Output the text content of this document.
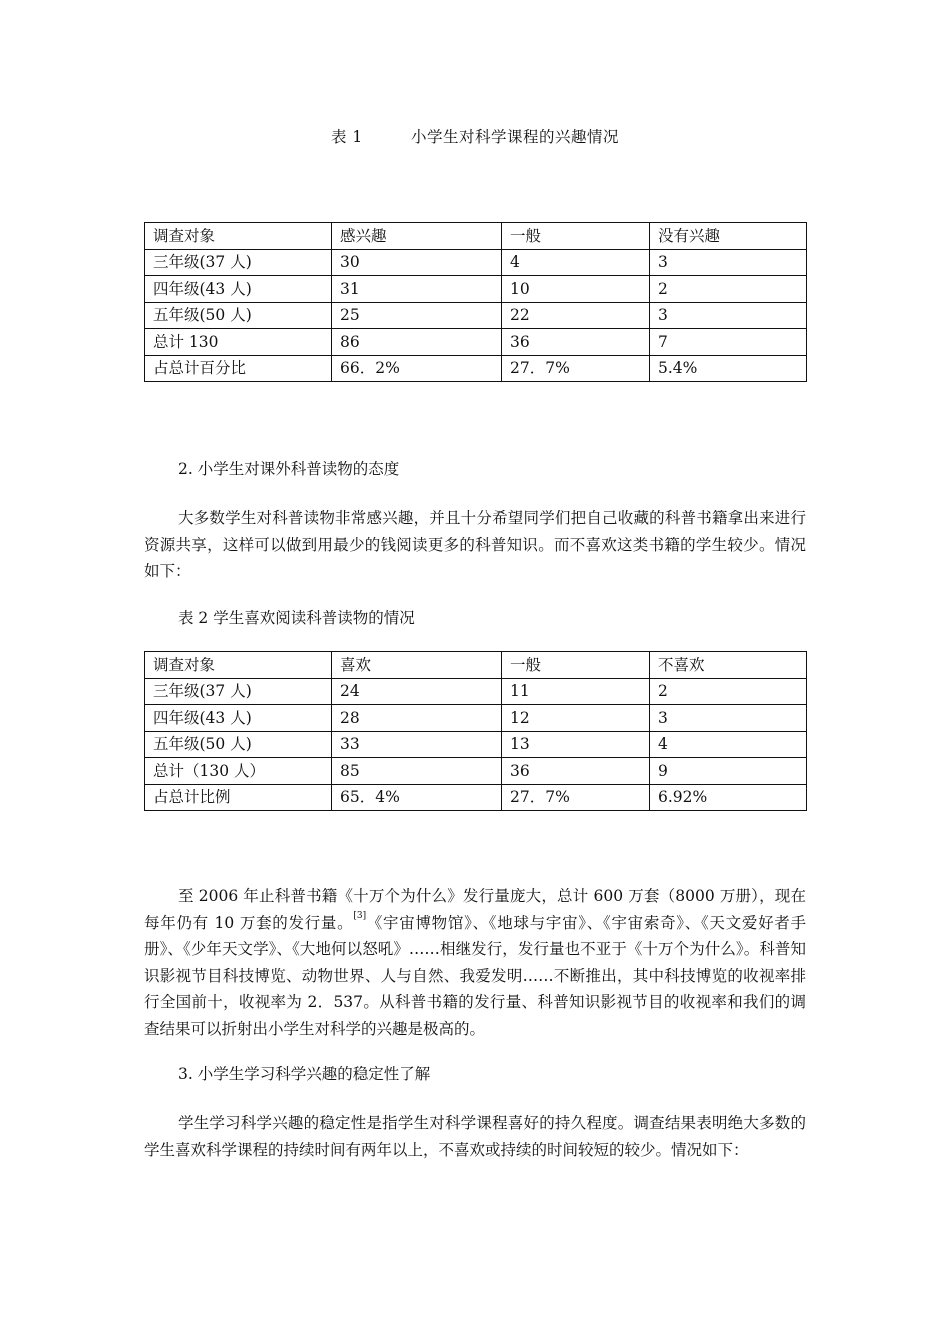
表 1	小学生对科学课程的兴趣情况
调查对象	感兴趣	一般	没有兴趣
三年级(37 人)	30	4	3
四年级(43 人)	31	10	2
五年级(50 人)	25	22	3
总计 130	86	36	7
占总计百分比	66．2%	27．7%	5.4%
2. 小学生对课外科普读物的态度
大多数学生对科普读物非常感兴趣，并且十分希望同学们把自己收藏的科普书籍拿出来进行资源共享，这样可以做到用最少的钱阅读更多的科普知识。而不喜欢这类书籍的学生较少。情况如下：
表 2 学生喜欢阅读科普读物的情况
调查对象	喜欢	一般	不喜欢
三年级(37 人)	24	11	2
四年级(43 人)	28	12	3
五年级(50 人)	33	13	4
总计（130 人）	85	36	9
占总计比例	65．4%	27．7%	6.92%
至 2006 年止科普书籍《十万个为什么》发行量庞大，总计 600 万套（8000 万册），现在每年仍有 10 万套的发行量。[3]《宇宙博物馆》、《地球与宇宙》、《宇宙索奇》、《天文爱好者手册》、《少年天文学》、《大地何以怒吼》……相继发行，发行量也不亚于《十万个为什么》。科普知识影视节目科技博览、动物世界、人与自然、我爱发明……不断推出，其中科技博览的收视率排行全国前十，收视率为 2．537。从科普书籍的发行量、科普知识影视节目的收视率和我们的调查结果可以折射出小学生对科学的兴趣是极高的。
3. 小学生学习科学兴趣的稳定性了解
学生学习科学兴趣的稳定性是指学生对科学课程喜好的持久程度。调查结果表明绝大多数的学生喜欢科学课程的持续时间有两年以上，不喜欢或持续的时间较短的较少。情况如下：
